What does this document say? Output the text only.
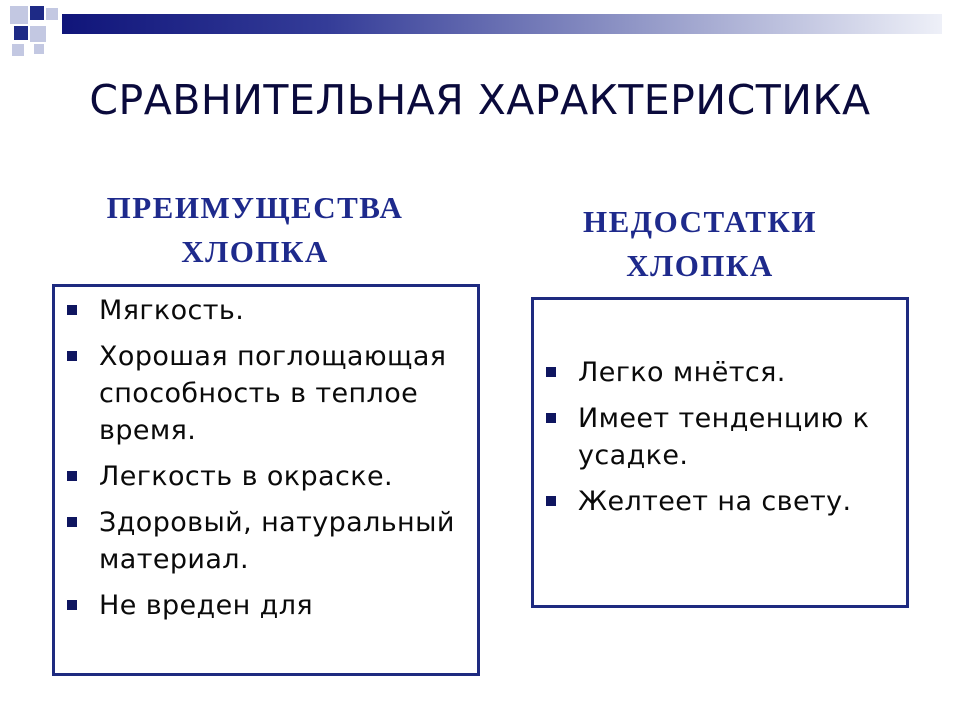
СРАВНИТЕЛЬНАЯ ХАРАКТЕРИСТИКА
ПРЕИМУЩЕСТВА
ХЛОПКА
Мягкость.
Хорошая поглощающая способность в теплое время.
Легкость в окраске.
Здоровый, натуральный материал.
Не вреден для
НЕДОСТАТКИ
ХЛОПКА
Легко мнётся.
Имеет тенденцию к усадке.
Желтеет на свету.
